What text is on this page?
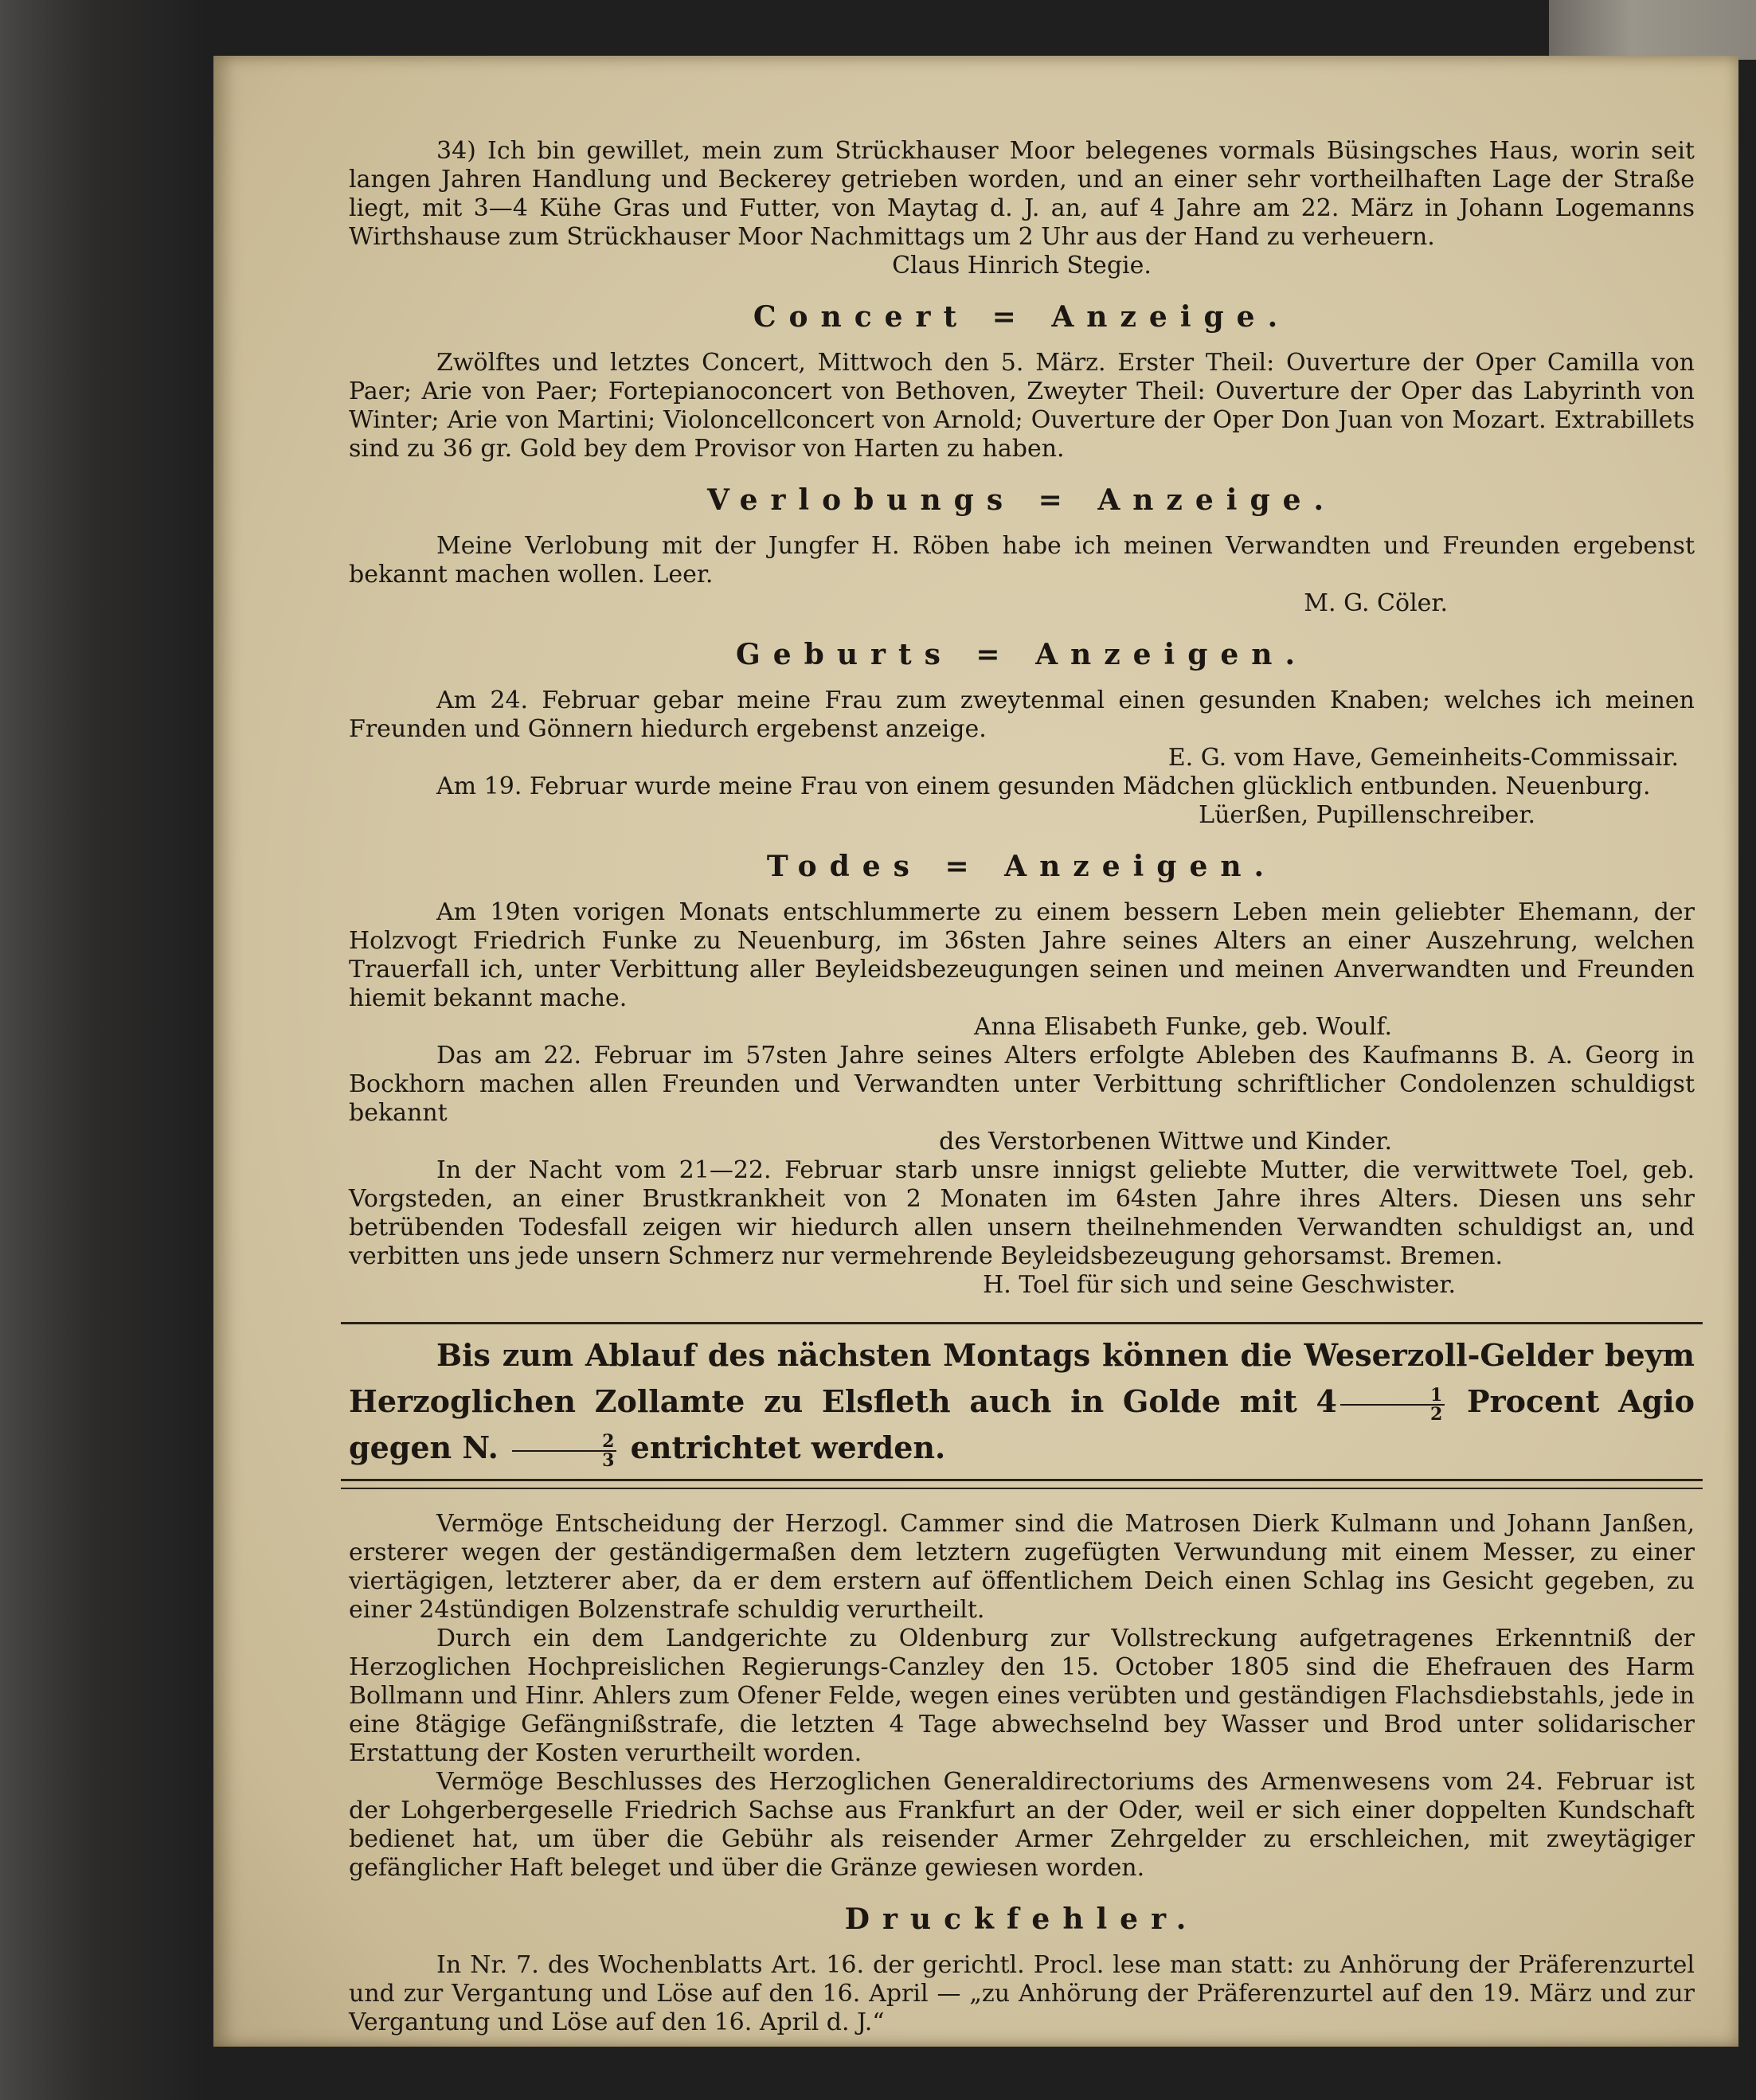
34) Ich bin gewillet, mein zum Strückhauser Moor belegenes vormals Büsingsches Haus, worin seit langen Jahren Handlung und Beckerey getrieben worden, und an einer sehr vortheilhaften Lage der Straße liegt, mit 3—4 Kühe Gras und Futter, von Maytag d. J. an, auf 4 Jahre am 22. März in Johann Logemanns Wirthshause zum Strückhauser Moor Nachmittags um 2 Uhr aus der Hand zu verheuern.

Claus Hinrich Stegie.

Concert = Anzeige.

Zwölftes und letztes Concert, Mittwoch den 5. März. Erster Theil: Ouverture der Oper Camilla von Paer; Arie von Paer; Fortepianoconcert von Bethoven, Zweyter Theil: Ouverture der Oper das Labyrinth von Winter; Arie von Martini; Violoncellconcert von Arnold; Ouverture der Oper Don Juan von Mozart. Extrabillets sind zu 36 gr. Gold bey dem Provisor von Harten zu haben.

Verlobungs = Anzeige.

Meine Verlobung mit der Jungfer H. Röben habe ich meinen Verwandten und Freunden ergebenst bekannt machen wollen. Leer.

M. G. Cöler.

Geburts = Anzeigen.

Am 24. Februar gebar meine Frau zum zweytenmal einen gesunden Knaben; welches ich meinen Freunden und Gönnern hiedurch ergebenst anzeige.

E. G. vom Have, Gemeinheits-Commissair.

Am 19. Februar wurde meine Frau von einem gesunden Mädchen glücklich entbunden. Neuenburg.

Lüerßen, Pupillenschreiber.

Todes = Anzeigen.

Am 19ten vorigen Monats entschlummerte zu einem bessern Leben mein geliebter Ehemann, der Holzvogt Friedrich Funke zu Neuenburg, im 36sten Jahre seines Alters an einer Auszehrung, welchen Trauerfall ich, unter Verbittung aller Beyleidsbezeugungen seinen und meinen Anverwandten und Freunden hiemit bekannt mache.

Anna Elisabeth Funke, geb. Woulf.

Das am 22. Februar im 57sten Jahre seines Alters erfolgte Ableben des Kaufmanns B. A. Georg in Bockhorn machen allen Freunden und Verwandten unter Verbittung schriftlicher Condolenzen schuldigst bekannt

des Verstorbenen Wittwe und Kinder.

In der Nacht vom 21—22. Februar starb unsre innigst geliebte Mutter, die verwittwete Toel, geb. Vorgsteden, an einer Brustkrankheit von 2 Monaten im 64sten Jahre ihres Alters. Diesen uns sehr betrübenden Todesfall zeigen wir hiedurch allen unsern theilnehmenden Verwandten schuldigst an, und verbitten uns jede unsern Schmerz nur vermehrende Beyleidsbezeugung gehorsamst. Bremen.

H. Toel für sich und seine Geschwister.

Bis zum Ablauf des nächsten Montags können die Weserzoll-Gelder beym Herzoglichen Zollamte zu Elsfleth auch in Golde mit $4 \frac{1}{2}$ Procent Agio gegen N. $\frac{2}{3}$ entrichtet werden.

Vermöge Entscheidung der Herzogl. Cammer sind die Matrosen Dierk Kulmann und Johann Janßen, ersterer wegen der geständigermaßen dem letztern zugefügten Verwundung mit einem Messer, zu einer viertägigen, letzterer aber, da er dem erstern auf öffentlichem Deich einen Schlag ins Gesicht gegeben, zu einer 24stündigen Bolzenstrafe schuldig verurtheilt.

Durch ein dem Landgerichte zu Oldenburg zur Vollstreckung aufgetragenes Erkenntniß der Herzoglichen Hochpreislichen Regierungs-Canzley den 15. October 1805 sind die Ehefrauen des Harm Bollmann und Hinr. Ahlers zum Ofener Felde, wegen eines verübten und geständigen Flachsdiebstahls, jede in eine 8tägige Gefängnißstrafe, die letzten 4 Tage abwechselnd bey Wasser und Brod unter solidarischer Erstattung der Kosten verurtheilt worden.

Vermöge Beschlusses des Herzoglichen Generaldirectoriums des Armenwesens vom 24. Februar ist der Lohgerbergeselle Friedrich Sachse aus Frankfurt an der Oder, weil er sich einer doppelten Kundschaft bedienet hat, um über die Gebühr als reisender Armer Zehrgelder zu erschleichen, mit zweytägiger gefänglicher Haft beleget und über die Gränze gewiesen worden.

Druckfehler.

In Nr. 7. des Wochenblatts Art. 16. der gerichtl. Procl. lese man statt: zu Anhörung der Präferenzurtel und zur Vergantung und Löse auf den 16. April — „zu Anhörung der Präferenzurtel auf den 19. März und zur Vergantung und Löse auf den 16. April d. J.“
